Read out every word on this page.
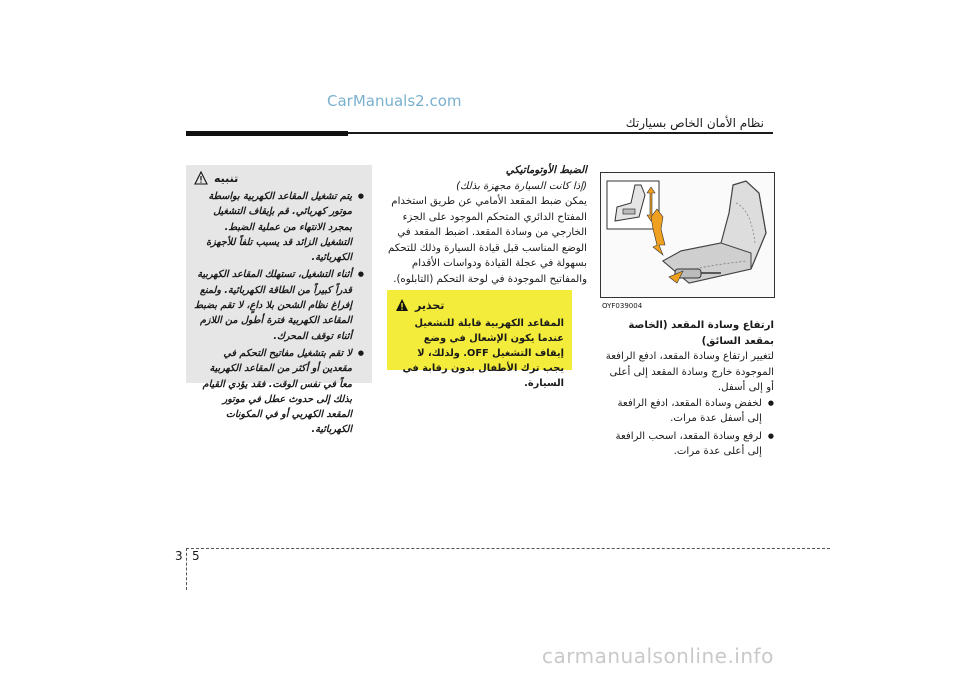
CarManuals2.com
نظام الأمان الخاص بسيارتك
OYF039004
ارتفاع وسادة المقعد (الخاصة بمقعد السائق)
لتغيير ارتفاع وسادة المقعد، ادفع الرافعة الموجودة خارج وسادة المقعد إلى أعلى أو إلى أسفل.
● لخفض وسادة المقعد، ادفع الرافعة إلى أسفل عدة مرات.
● لرفع وسادة المقعد، اسحب الرافعة إلى أعلى عدة مرات.
الضبط الأوتوماتيكي
(إذا كانت السيارة مجهزة بذلك)
يمكن ضبط المقعد الأمامي عن طريق استخدام المفتاح الدائري المتحكم الموجود على الجزء الخارجي من وسادة المقعد. اضبط المقعد في الوضع المناسب قبل قيادة السيارة وذلك للتحكم بسهولة في عجلة القيادة ودواسات الأقدام والمفاتيح الموجودة في لوحة التحكم (التابلوه).
تحذير
المقاعد الكهربية قابلة للتشغيل عندما يكون الإشعال في وضع إيقاف التشغيل OFF. ولذلك، لا يجب ترك الأطفال بدون رقابة في السيارة.
تنبيه
● يتم تشغيل المقاعد الكهربية بواسطة موتور كهربائي. قم بإيقاف التشغيل بمجرد الانتهاء من عملية الضبط. التشغيل الزائد قد يسبب تلفاً للأجهزة الكهربائية.
● أثناء التشغيل، تستهلك المقاعد الكهربية قدراً كبيراً من الطاقة الكهربائية. ولمنع إفراغ نظام الشحن بلا داعٍ، لا تقم بضبط المقاعد الكهربية فترة أطول من اللازم أثناء توقف المحرك.
● لا تقم بتشغيل مفاتيح التحكم في مقعدين أو أكثر من المقاعد الكهربية معاً في نفس الوقت. فقد يؤدي القيام بذلك إلى حدوث عطل في موتور المقعد الكهربي أو في المكونات الكهربائية.
3 5
carmanualsonline.info
